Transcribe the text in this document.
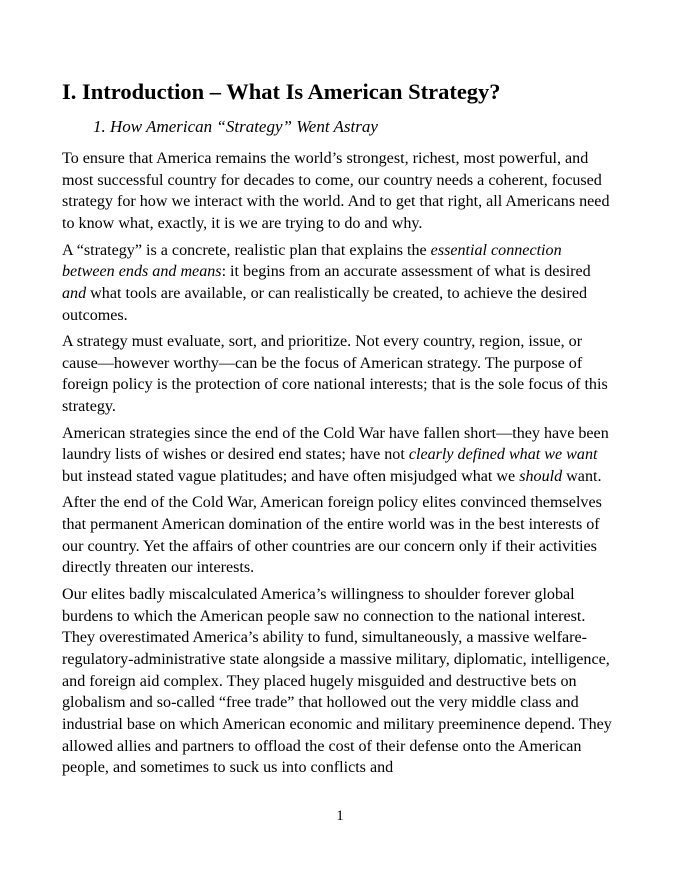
I. Introduction – What Is American Strategy?
1. How American “Strategy” Went Astray

To ensure that America remains the world’s strongest, richest, most powerful, and most successful country for decades to come, our country needs a coherent, focused strategy for how we interact with the world. And to get that right, all Americans need to know what, exactly, it is we are trying to do and why.

A “strategy” is a concrete, realistic plan that explains the essential connection between ends and means: it begins from an accurate assessment of what is desired and what tools are available, or can realistically be created, to achieve the desired outcomes.

A strategy must evaluate, sort, and prioritize. Not every country, region, issue, or cause—however worthy—can be the focus of American strategy. The purpose of foreign policy is the protection of core national interests; that is the sole focus of this strategy.

American strategies since the end of the Cold War have fallen short—they have been laundry lists of wishes or desired end states; have not clearly defined what we want but instead stated vague platitudes; and have often misjudged what we should want.

After the end of the Cold War, American foreign policy elites convinced themselves that permanent American domination of the entire world was in the best interests of our country. Yet the affairs of other countries are our concern only if their activities directly threaten our interests.

Our elites badly miscalculated America’s willingness to shoulder forever global burdens to which the American people saw no connection to the national interest. They overestimated America’s ability to fund, simultaneously, a massive welfare-regulatory-administrative state alongside a massive military, diplomatic, intelligence, and foreign aid complex. They placed hugely misguided and destructive bets on globalism and so-called “free trade” that hollowed out the very middle class and industrial base on which American economic and military preeminence depend. They allowed allies and partners to offload the cost of their defense onto the American people, and sometimes to suck us into conflicts and

1
